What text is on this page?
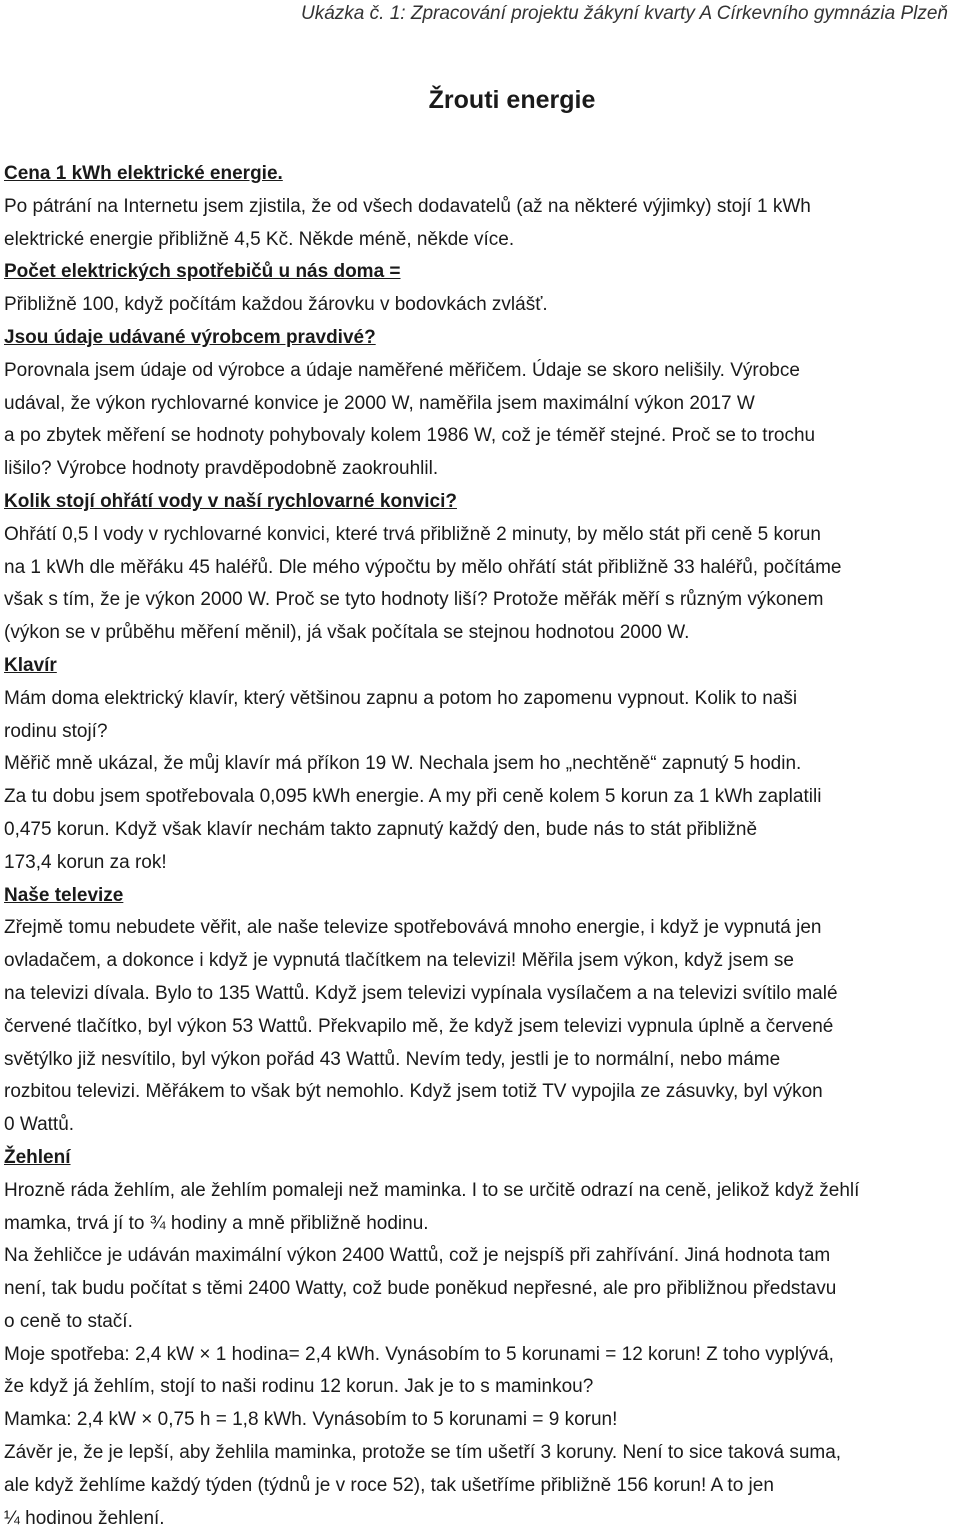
Ukázka č. 1: Zpracování projektu žákyní kvarty A Církevního gymnázia Plzeň
Žrouti energie

Cena 1 kWh elektrické energie.

Po pátrání na Internetu jsem zjistila, že od všech dodavatelů (až na některé výjimky) stojí 1 kWh

elektrické energie přibližně 4,5 Kč. Někde méně, někde více.

Počet elektrických spotřebičů u nás doma =

Přibližně 100, když počítám každou žárovku v bodovkách zvlášť.

Jsou údaje udávané výrobcem pravdivé?

Porovnala jsem údaje od výrobce a údaje naměřené měřičem. Údaje se skoro nelišily. Výrobce

udával, že výkon rychlovarné konvice je 2000 W, naměřila jsem maximální výkon 2017 W

a po zbytek měření se hodnoty pohybovaly kolem 1986 W, což je téměř stejné. Proč se to trochu

lišilo? Výrobce hodnoty pravděpodobně zaokrouhlil.

Kolik stojí ohřátí vody v naší rychlovarné konvici?

Ohřátí 0,5 l vody v rychlovarné konvici, které trvá přibližně 2 minuty, by mělo stát při ceně 5 korun

na 1 kWh dle měřáku 45 haléřů. Dle mého výpočtu by mělo ohřátí stát přibližně 33 haléřů, počítáme

však s tím, že je výkon 2000 W. Proč se tyto hodnoty liší? Protože měřák měří s různým výkonem

(výkon se v průběhu měření měnil), já však počítala se stejnou hodnotou 2000 W.

Klavír

Mám doma elektrický klavír, který většinou zapnu a potom ho zapomenu vypnout. Kolik to naši

rodinu stojí?

Měřič mně ukázal, že můj klavír má příkon 19 W. Nechala jsem ho „nechtěně“ zapnutý 5 hodin.

Za tu dobu jsem spotřebovala 0,095 kWh energie. A my při ceně kolem 5 korun za 1 kWh zaplatili

0,475 korun. Když však klavír nechám takto zapnutý každý den, bude nás to stát přibližně

173,4 korun za rok!

Naše televize

Zřejmě tomu nebudete věřit, ale naše televize spotřebovává mnoho energie, i když je vypnutá jen

ovladačem, a dokonce i když je vypnutá tlačítkem na televizi! Měřila jsem výkon, když jsem se

na televizi dívala. Bylo to 135 Wattů. Když jsem televizi vypínala vysílačem a na televizi svítilo malé

červené tlačítko, byl výkon 53 Wattů. Překvapilo mě, že když jsem televizi vypnula úplně a červené

světýlko již nesvítilo, byl výkon pořád 43 Wattů. Nevím tedy, jestli je to normální, nebo máme

rozbitou televizi. Měřákem to však být nemohlo. Když jsem totiž TV vypojila ze zásuvky, byl výkon

0 Wattů.

Žehlení

Hrozně ráda žehlím, ale žehlím pomaleji než maminka. I to se určitě odrazí na ceně, jelikož když žehlí

mamka, trvá jí to ¾ hodiny a mně přibližně hodinu.

Na žehličce je udáván maximální výkon 2400 Wattů, což je nejspíš při zahřívání. Jiná hodnota tam

není, tak budu počítat s těmi 2400 Watty, což bude poněkud nepřesné, ale pro přibližnou představu

o ceně to stačí.

Moje spotřeba: 2,4 kW × 1 hodina= 2,4 kWh. Vynásobím to 5 korunami = 12 korun! Z toho vyplývá,

že když já žehlím, stojí to naši rodinu 12 korun. Jak je to s maminkou?

Mamka: 2,4 kW × 0,75 h = 1,8 kWh. Vynásobím to 5 korunami = 9 korun!

Závěr je, že je lepší, aby žehlila maminka, protože se tím ušetří 3 koruny. Není to sice taková suma,

ale když žehlíme každý týden (týdnů je v roce 52), tak ušetříme přibližně 156 korun! A to jen

¼ hodinou žehlení.
